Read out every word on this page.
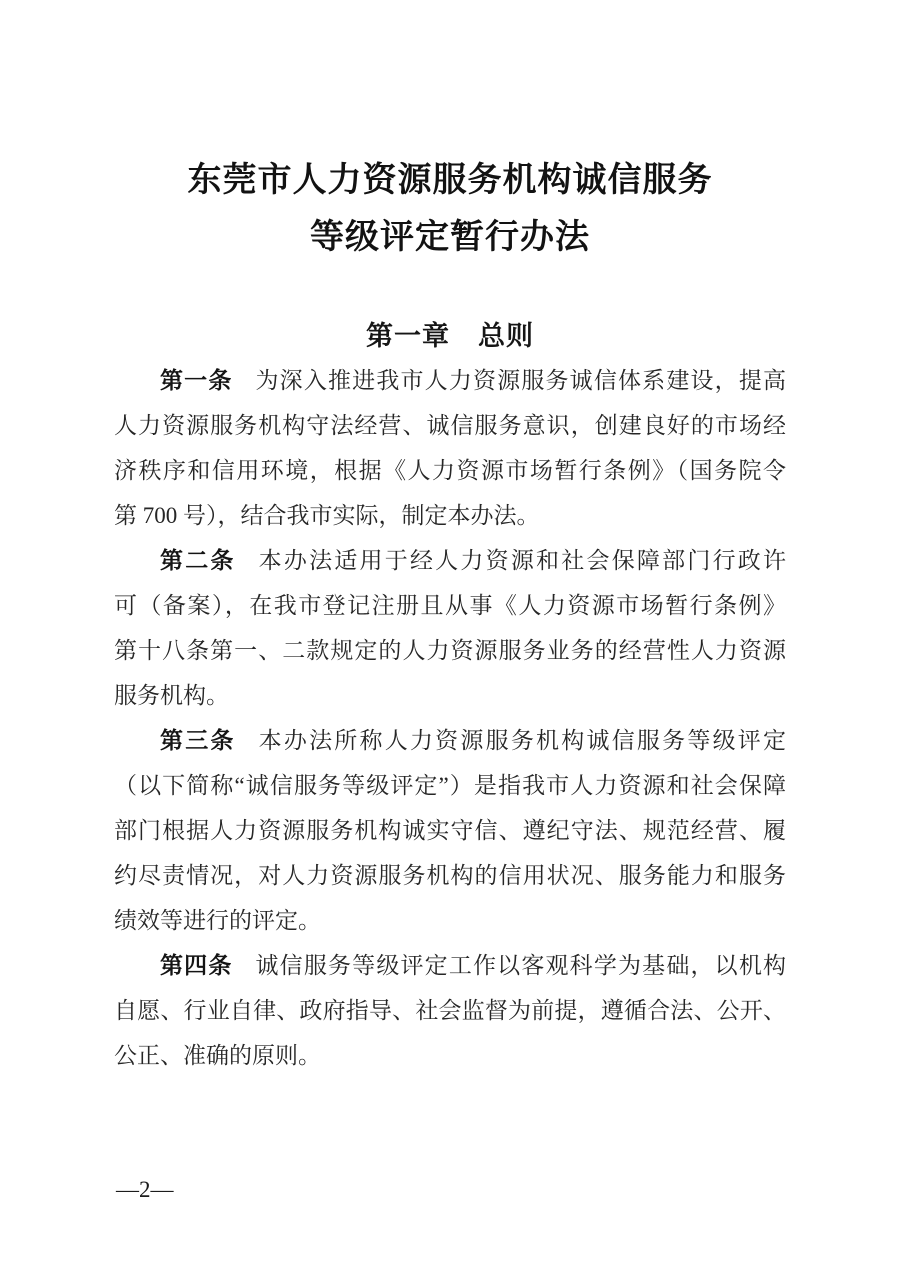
东莞市人力资源服务机构诚信服务
等级评定暂行办法
第一章　总则
第一条 为深入推进我市人力资源服务诚信体系建设，提高
人力资源服务机构守法经营、诚信服务意识，创建良好的市场经
济秩序和信用环境，根据《人力资源市场暂行条例》（国务院令
第 700 号），结合我市实际，制定本办法。
第二条 本办法适用于经人力资源和社会保障部门行政许
可（备案），在我市登记注册且从事《人力资源市场暂行条例》
第十八条第一、二款规定的人力资源服务业务的经营性人力资源
服务机构。
第三条 本办法所称人力资源服务机构诚信服务等级评定
（以下简称“诚信服务等级评定”）是指我市人力资源和社会保障
部门根据人力资源服务机构诚实守信、遵纪守法、规范经营、履
约尽责情况，对人力资源服务机构的信用状况、服务能力和服务
绩效等进行的评定。
第四条 诚信服务等级评定工作以客观科学为基础，以机构
自愿、行业自律、政府指导、社会监督为前提，遵循合法、公开、
公正、准确的原则。
—2—
